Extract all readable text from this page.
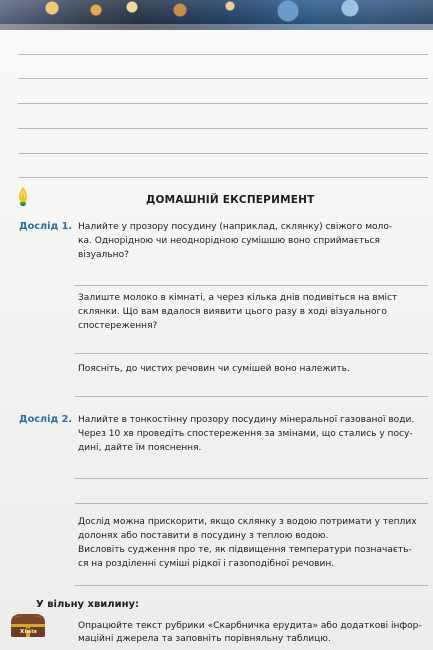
ДОМАШНІЙ ЕКСПЕРИМЕНТ
Дослід 1. Налийте у прозору посудину (наприклад, склянку) свіжого моло-
ка. Однорідною чи неоднорідною сумішшю воно сприймається
візуально?
Залиште молоко в кімнаті, а через кілька днів подивіться на вміст
склянки. Що вам вдалося виявити цього разу в ході візуального
спостереження?
Поясніть, до чистих речовин чи сумішей воно належить.
Дослід 2. Налийте в тонкостінну прозору посудину мінеральної газованої води.
Через 10 хв проведіть спостереження за змінами, що стались у посу-
дині, дайте їм пояснення.
Дослід можна прискорити, якщо склянку з водою потримати у теплих
долонях або поставити в посудину з теплою водою.
Висловіть судження про те, як підвищення температури позначаєть-
ся на розділенні суміші рідкої і газоподібної речовин.
У вільну хвилину:
Хімія
Опрацюйте текст рубрики «Скарбничка ерудита» або додаткові інфор-
маційні джерела та заповніть порівняльну таблицю.
